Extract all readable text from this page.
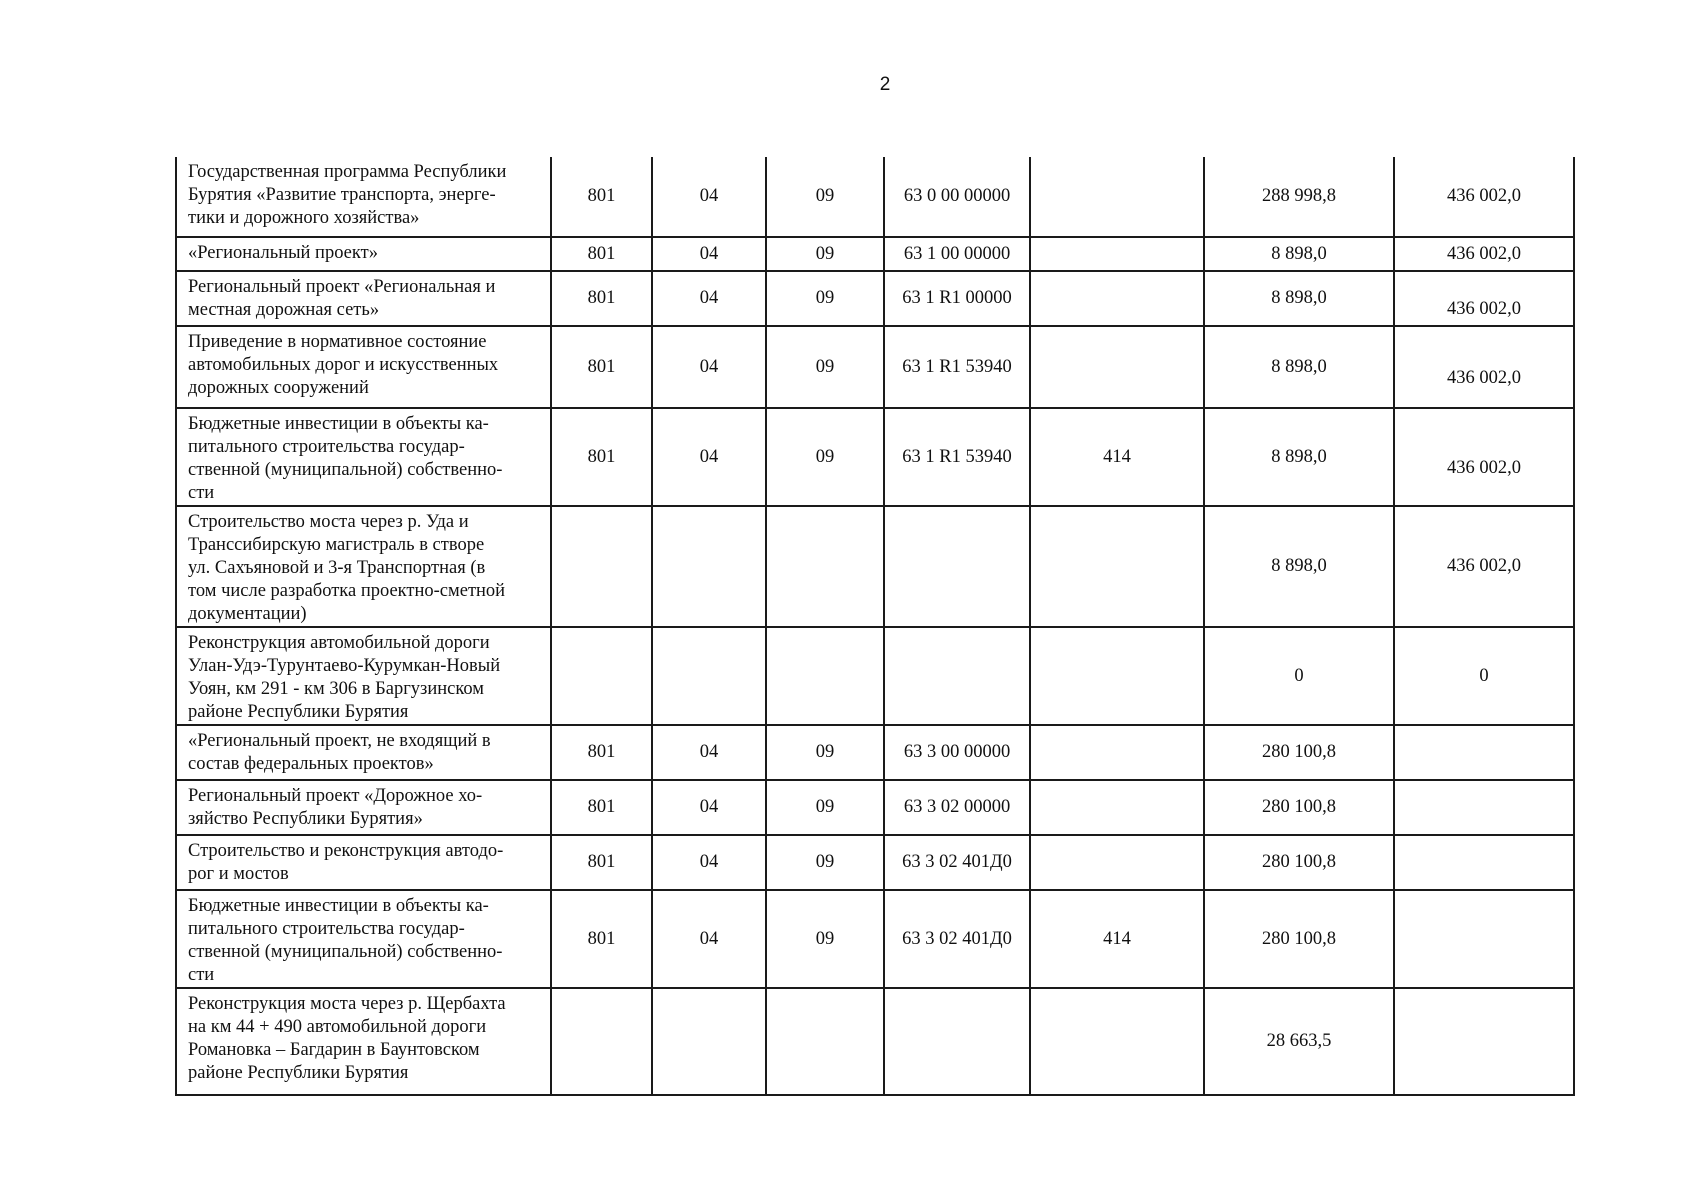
2
Государственная программа Республики
Бурятия «Развитие транспорта, энерге-
тики и дорожного хозяйства»	801	04	09	63 0 00 00000		288 998,8	436 002,0

«Региональный проект»	801	04	09	63 1 00 00000		8 898,0	436 002,0

Региональный проект «Региональная и
местная дорожная сеть»	801	04	09	63 1 R1 00000		8 898,0	436 002,0

Приведение в нормативное состояние
автомобильных дорог и искусственных
дорожных сооружений	801	04	09	63 1 R1 53940		8 898,0	436 002,0

Бюджетные инвестиции в объекты ка-
питального строительства государ-
ственной (муниципальной) собственно-
сти	801	04	09	63 1 R1 53940	414	8 898,0	436 002,0

Строительство моста через р. Уда и
Транссибирскую магистраль в створе
ул. Сахъяновой и 3-я Транспортная (в
том числе разработка проектно-сметной
документации)						8 898,0	436 002,0

Реконструкция автомобильной дороги
Улан-Удэ-Турунтаево-Курумкан-Новый
Уоян, км 291 - км 306 в Баргузинском
районе Республики Бурятия						0	0

«Региональный проект, не входящий в
состав федеральных проектов»	801	04	09	63 3 00 00000		280 100,8	

Региональный проект «Дорожное хо-
зяйство Республики Бурятия»	801	04	09	63 3 02 00000		280 100,8	

Строительство и реконструкция автодо-
рог и мостов	801	04	09	63 3 02 401Д0		280 100,8	

Бюджетные инвестиции в объекты ка-
питального строительства государ-
ственной (муниципальной) собственно-
сти	801	04	09	63 3 02 401Д0	414	280 100,8	

Реконструкция моста через р. Щербахта
на км 44 + 490 автомобильной дороги
Романовка – Багдарин в Баунтовском
районе Республики Бурятия						28 663,5	
